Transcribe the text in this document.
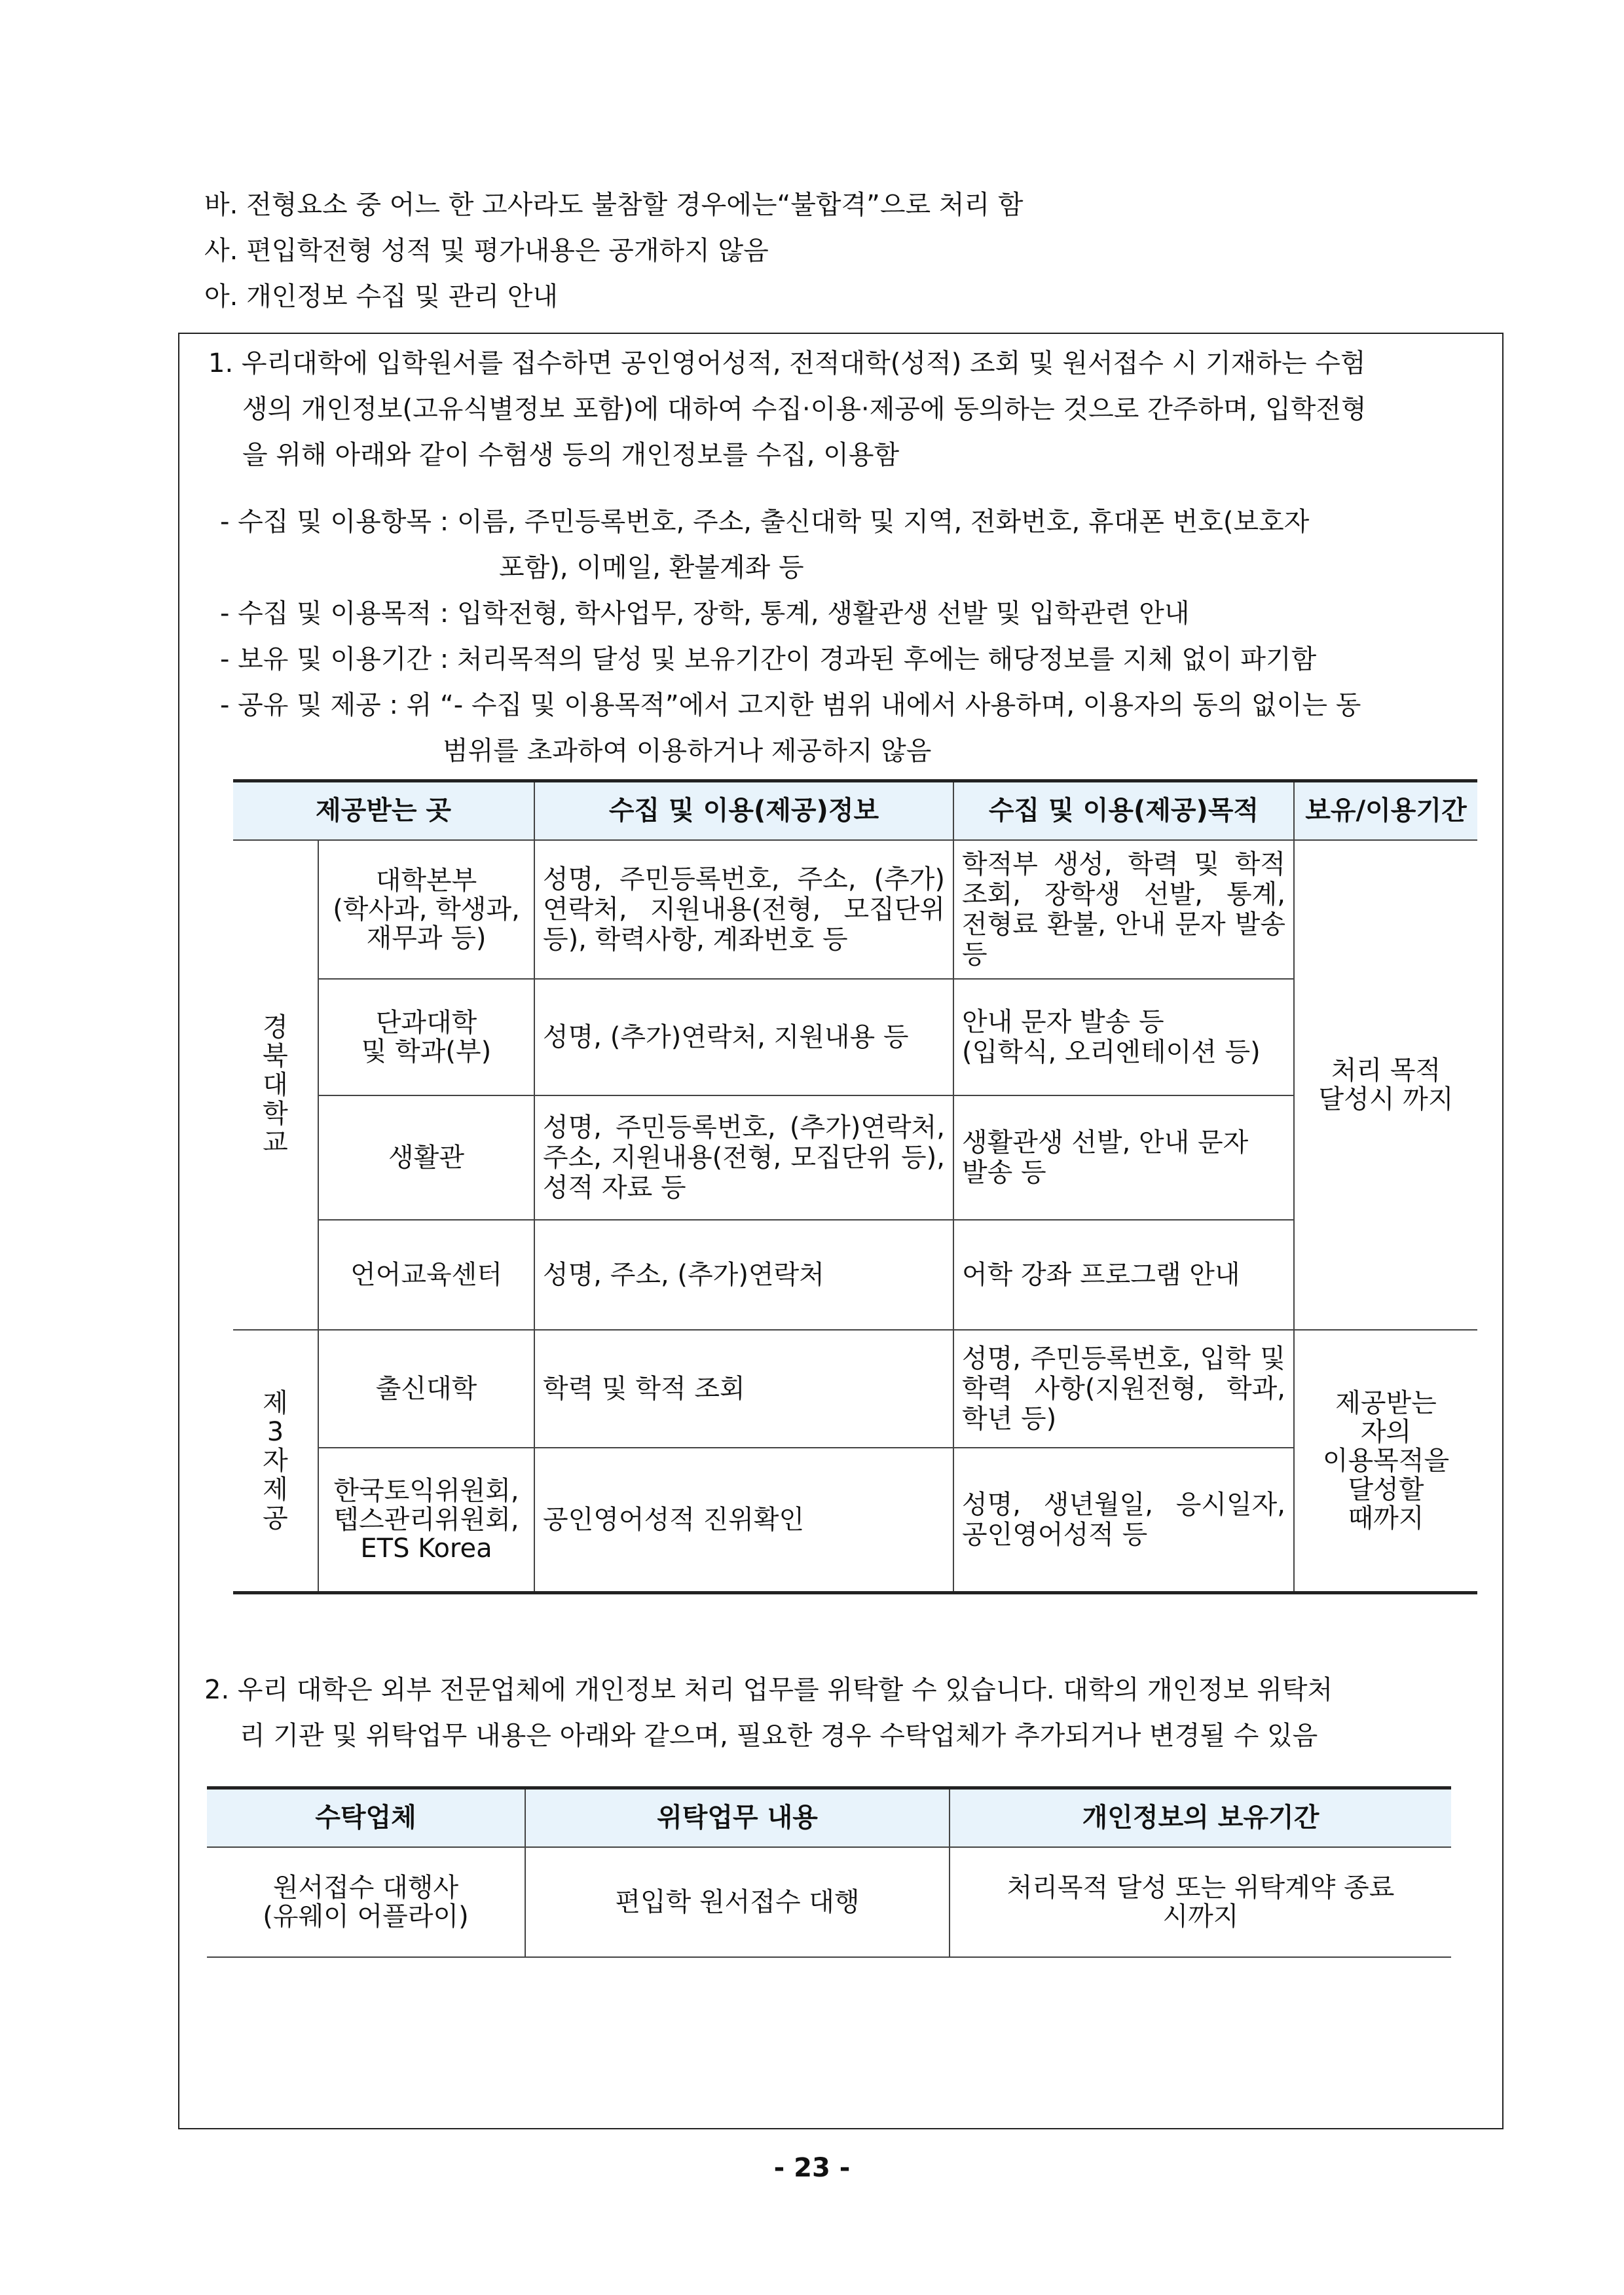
바. 전형요소 중 어느 한 고사라도 불참할 경우에는“불합격”으로 처리 함
사. 편입학전형 성적 및 평가내용은 공개하지 않음
아. 개인정보 수집 및 관리 안내
1. 우리대학에 입학원서를 접수하면 공인영어성적, 전적대학(성적) 조회 및 원서접수 시 기재하는 수험
생의 개인정보(고유식별정보 포함)에 대하여 수집·이용·제공에 동의하는 것으로 간주하며, 입학전형
을 위해 아래와 같이 수험생 등의 개인정보를 수집, 이용함
- 수집 및 이용항목 : 이름, 주민등록번호, 주소, 출신대학 및 지역, 전화번호, 휴대폰 번호(보호자
포함), 이메일, 환불계좌 등
- 수집 및 이용목적 : 입학전형, 학사업무, 장학, 통계, 생활관생 선발 및 입학관련 안내
- 보유 및 이용기간 : 처리목적의 달성 및 보유기간이 경과된 후에는 해당정보를 지체 없이 파기함
- 공유 및 제공 : 위 “- 수집 및 이용목적”에서 고지한 범위 내에서 사용하며, 이용자의 동의 없이는 동
범위를 초과하여 이용하거나 제공하지 않음
제공받는 곳		수집 및 이용(제공)정보	수집 및 이용(제공)목적	보유/이용기간
경
북
대
학
교	대학본부
(학사과, 학생과,
재무과 등)	성명, 주민등록번호, 주소, (추가)연락처, 지원내용(전형, 모집단위 등), 학력사항, 계좌번호 등	학적부 생성, 학력 및 학적 조회, 장학생 선발, 통계, 전형료 환불, 안내 문자 발송 등	처리 목적
달성시 까지
	단과대학
및 학과(부)	성명, (추가)연락처, 지원내용 등	안내 문자 발송 등
(입학식, 오리엔테이션 등)	
	생활관	성명, 주민등록번호, (추가)연락처, 주소, 지원내용(전형, 모집단위 등), 성적 자료 등	생활관생 선발, 안내 문자 발송 등	
	언어교육센터	성명, 주소, (추가)연락처	어학 강좌 프로그램 안내	
제
3
자
제
공	출신대학	학력 및 학적 조회	성명, 주민등록번호, 입학 및 학력 사항(지원전형, 학과, 학년 등)	제공받는
자의
이용목적을
달성할
때까지
	한국토익위원회,
텝스관리위원회,
ETS Korea	공인영어성적 진위확인	성명, 생년월일, 응시일자, 공인영어성적 등	
2. 우리 대학은 외부 전문업체에 개인정보 처리 업무를 위탁할 수 있습니다. 대학의 개인정보 위탁처
리 기관 및 위탁업무 내용은 아래와 같으며, 필요한 경우 수탁업체가 추가되거나 변경될 수 있음
수탁업체	위탁업무 내용	개인정보의 보유기간
원서접수 대행사
(유웨이 어플라이)	편입학 원서접수 대행	처리목적 달성 또는 위탁계약 종료
시까지
- 23 -
